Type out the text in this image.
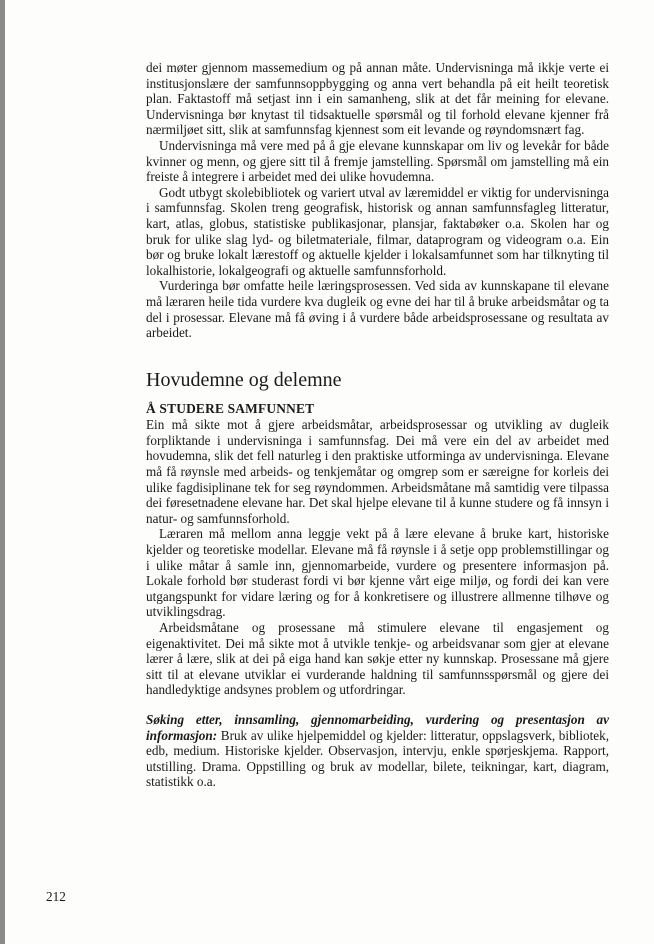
dei møter gjennom massemedium og på annan måte. Undervisninga må ikkje verte ei institusjonslære der samfunnsoppbygging og anna vert behandla på eit heilt teoretisk plan. Faktastoff må setjast inn i ein samanheng, slik at det får meining for elevane. Undervisninga bør knytast til tidsaktuelle spørsmål og til forhold elevane kjenner frå nærmiljøet sitt, slik at samfunnsfag kjennest som eit levande og røyndomsnært fag.

Undervisninga må vere med på å gje elevane kunnskapar om liv og levekår for både kvinner og menn, og gjere sitt til å fremje jamstelling. Spørsmål om jamstelling må ein freiste å integrere i arbeidet med dei ulike hovudemna.

Godt utbygt skolebibliotek og variert utval av læremiddel er viktig for undervisninga i samfunnsfag. Skolen treng geografisk, historisk og annan samfunnsfagleg litteratur, kart, atlas, globus, statistiske publikasjonar, plansjar, faktabøker o.a. Skolen har og bruk for ulike slag lyd- og biletmateriale, filmar, dataprogram og videogram o.a. Ein bør og bruke lokalt lærestoff og aktuelle kjelder i lokalsamfunnet som har tilknyting til lokalhistorie, lokalgeografi og aktuelle samfunnsforhold.

Vurderinga bør omfatte heile læringsprosessen. Ved sida av kunnskapane til elevane må læraren heile tida vurdere kva dugleik og evne dei har til å bruke arbeidsmåtar og ta del i prosessar. Elevane må få øving i å vurdere både arbeidsprosessane og resultata av arbeidet.

Hovudemne og delemne
Å STUDERE SAMFUNNET

Ein må sikte mot å gjere arbeidsmåtar, arbeidsprosessar og utvikling av dugleik forpliktande i undervisninga i samfunnsfag. Dei må vere ein del av arbeidet med hovudemna, slik det fell naturleg i den praktiske utforminga av undervisninga. Elevane må få røynsle med arbeids- og tenkjemåtar og omgrep som er særeigne for korleis dei ulike fagdisiplinane tek for seg røyndommen. Arbeidsmåtane må samtidig vere tilpassa dei føresetnadene elevane har. Det skal hjelpe elevane til å kunne studere og få innsyn i natur- og samfunnsforhold.

Læraren må mellom anna leggje vekt på å lære elevane å bruke kart, historiske kjelder og teoretiske modellar. Elevane må få røynsle i å setje opp problemstillingar og i ulike måtar å samle inn, gjennomarbeide, vurdere og presentere informasjon på. Lokale forhold bør studerast fordi vi bør kjenne vårt eige miljø, og fordi dei kan vere utgangspunkt for vidare læring og for å konkretisere og illustrere allmenne tilhøve og utviklingsdrag.

Arbeidsmåtane og prosessane må stimulere elevane til engasjement og eigenaktivitet. Dei må sikte mot å utvikle tenkje- og arbeidsvanar som gjer at elevane lærer å lære, slik at dei på eiga hand kan søkje etter ny kunnskap. Prosessane må gjere sitt til at elevane utviklar ei vurderande haldning til samfunnsspørsmål og gjere dei handledyktige andsynes problem og utfordringar.

Søking etter, innsamling, gjennomarbeiding, vurdering og presentasjon av informasjon: Bruk av ulike hjelpemiddel og kjelder: litteratur, oppslagsverk, bibliotek, edb, medium. Historiske kjelder. Observasjon, intervju, enkle spørjeskjema. Rapport, utstilling. Drama. Oppstilling og bruk av modellar, bilete, teikningar, kart, diagram, statistikk o.a.

212
